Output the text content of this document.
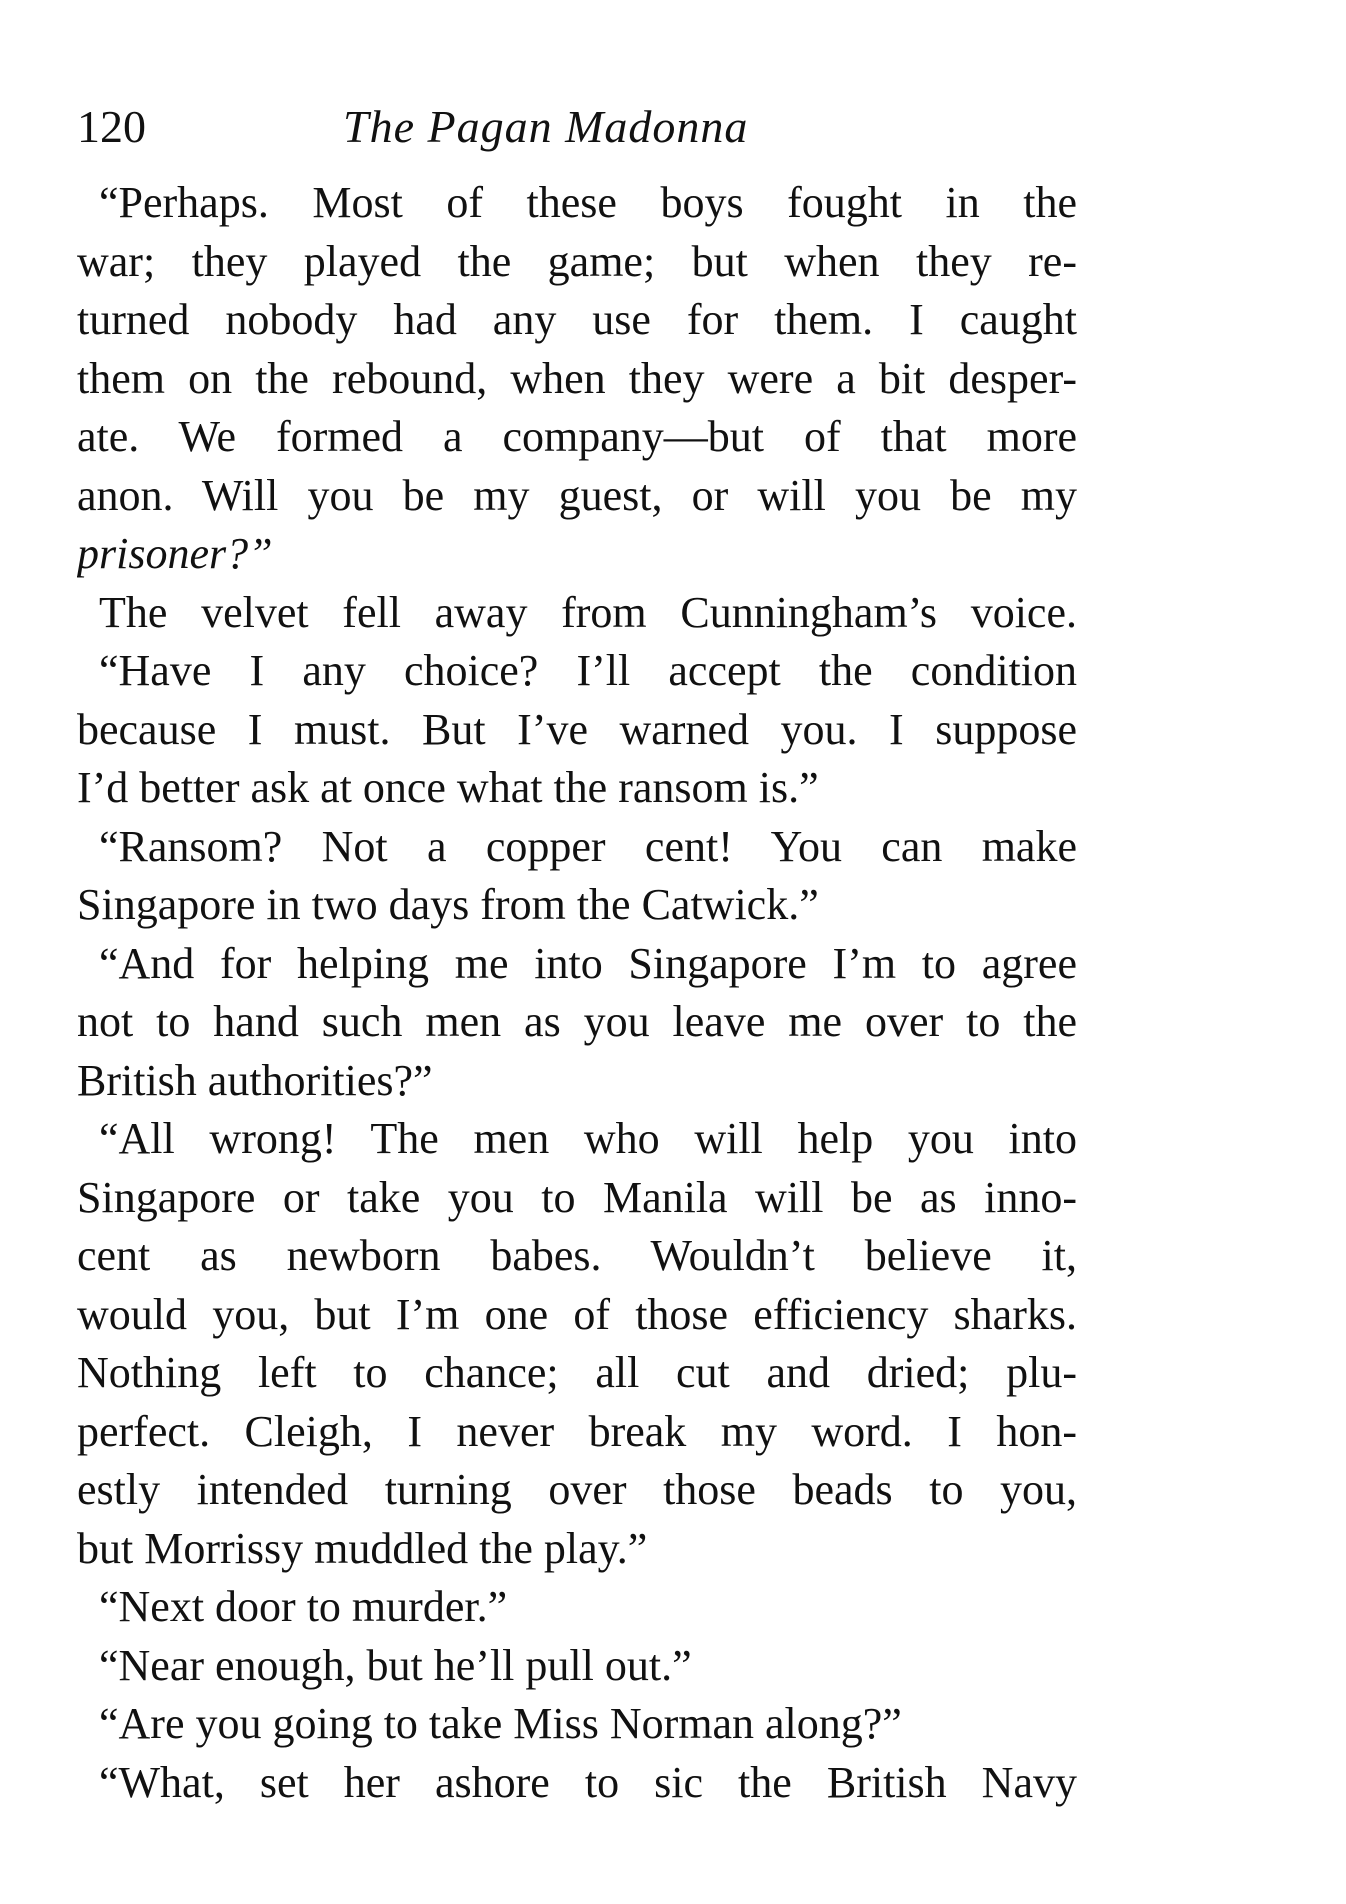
120	The Pagan Madonna
“Perhaps. Most of these boys fought in the
war; they played the game; but when they re-
turned nobody had any use for them. I caught
them on the rebound, when they were a bit desper-
ate. We formed a company—but of that more
anon. Will you be my guest, or will you be my
prisoner?”
The velvet fell away from Cunningham’s voice.
“Have I any choice? I’ll accept the condition
because I must. But I’ve warned you. I suppose
I’d better ask at once what the ransom is.”
“Ransom? Not a copper cent! You can make
Singapore in two days from the Catwick.”
“And for helping me into Singapore I’m to agree
not to hand such men as you leave me over to the
British authorities?”
“All wrong! The men who will help you into
Singapore or take you to Manila will be as inno-
cent as newborn babes. Wouldn’t believe it,
would you, but I’m one of those efficiency sharks.
Nothing left to chance; all cut and dried; plu-
perfect. Cleigh, I never break my word. I hon-
estly intended turning over those beads to you,
but Morrissy muddled the play.”
“Next door to murder.”
“Near enough, but he’ll pull out.”
“Are you going to take Miss Norman along?”
“What, set her ashore to sic the British Navy
